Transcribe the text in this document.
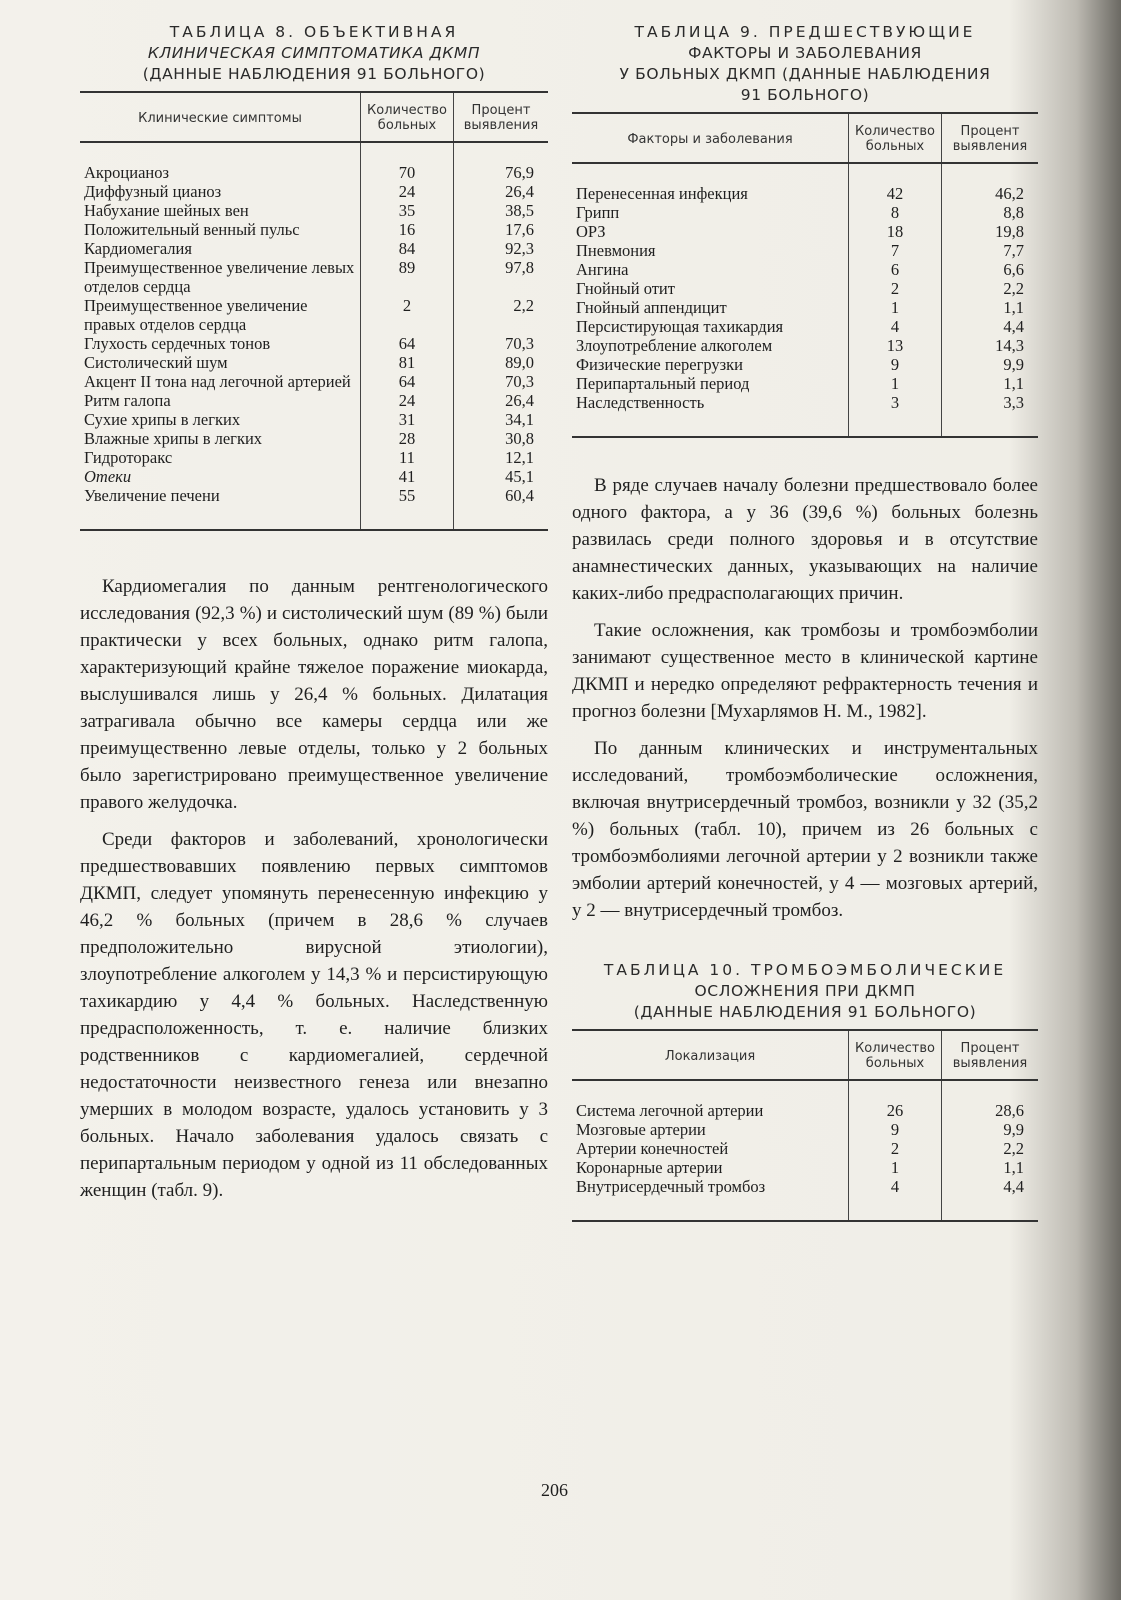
ТАБЛИЦА 8. ОБЪЕКТИВНАЯ
КЛИНИЧЕСКАЯ СИМПТОМАТИКА ДКМП
(ДАННЫЕ НАБЛЮДЕНИЯ 91 БОЛЬНОГО)
Клинические симптомы	Количество больных	Процент выявления
Акроцианоз	70	76,9
Диффузный цианоз	24	26,4
Набухание шейных вен	35	38,5
Положительный венный пульс	16	17,6
Кардиомегалия	84	92,3
Преимущественное увеличение левых отделов сердца	89	97,8
Преимущественное увеличение правых отделов сердца	2	2,2
Глухость сердечных тонов	64	70,3
Систолический шум	81	89,0
Акцент II тона над легочной артерией	64	70,3
Ритм галопа	24	26,4
Сухие хрипы в легких	31	34,1
Влажные хрипы в легких	28	30,8
Гидроторакс	11	12,1
Отеки	41	45,1
Увеличение печени	55	60,4

Кардиомегалия по данным рентгенологического исследования (92,3 %) и систолический шум (89 %) были практически у всех больных, однако ритм галопа, характеризующий крайне тяжелое поражение миокарда, выслушивался лишь у 26,4 % больных. Дилатация затрагивала обычно все камеры сердца или же преимущественно левые отделы, только у 2 больных было зарегистрировано преимущественное увеличение правого желудочка.

Среди факторов и заболеваний, хронологически предшествовавших появлению первых симптомов ДКМП, следует упомянуть перенесенную инфекцию у 46,2 % больных (причем в 28,6 % случаев предположительно вирусной этиологии), злоупотребление алкоголем у 14,3 % и персистирующую тахикардию у 4,4 % больных. Наследственную предрасположенность, т. е. наличие близких родственников с кардиомегалией, сердечной недостаточности неизвестного генеза или внезапно умерших в молодом возрасте, удалось установить у 3 больных. Начало заболевания удалось связать с перипартальным периодом у одной из 11 обследованных женщин (табл. 9).

ТАБЛИЦА 9. ПРЕДШЕСТВУЮЩИЕ
ФАКТОРЫ И ЗАБОЛЕВАНИЯ
У БОЛЬНЫХ ДКМП (ДАННЫЕ НАБЛЮДЕНИЯ
91 БОЛЬНОГО)
Факторы и заболевания	Количество больных	Процент выявления
Перенесенная инфекция	42	46,2
Грипп	8	8,8
ОРЗ	18	19,8
Пневмония	7	7,7
Ангина	6	6,6
Гнойный отит	2	2,2
Гнойный аппендицит	1	1,1
Персистирующая тахикардия	4	4,4
Злоупотребление алкоголем	13	14,3
Физические перегрузки	9	9,9
Перипартальный период	1	1,1
Наследственность	3	3,3

В ряде случаев началу болезни предшествовало более одного фактора, а у 36 (39,6 %) больных болезнь развилась среди полного здоровья и в отсутствие анамнестических данных, указывающих на наличие каких-либо предрасполагающих причин.

Такие осложнения, как тромбозы и тромбоэмболии занимают существенное место в клинической картине ДКМП и нередко определяют рефрактерность течения и прогноз болезни [Мухарлямов Н. М., 1982].

По данным клинических и инструментальных исследований, тромбоэмболические осложнения, включая внутрисердечный тромбоз, возникли у 32 (35,2 %) больных (табл. 10), причем из 26 больных с тромбоэмболиями легочной артерии у 2 возникли также эмболии артерий конечностей, у 4 — мозговых артерий, у 2 — внутрисердечный тромбоз.

ТАБЛИЦА 10. ТРОМБОЭМБОЛИЧЕСКИЕ
ОСЛОЖНЕНИЯ ПРИ ДКМП
(ДАННЫЕ НАБЛЮДЕНИЯ 91 БОЛЬНОГО)
Локализация	Количество больных	Процент выявления
Система легочной артерии	26	28,6
Мозговые артерии	9	9,9
Артерии конечностей	2	2,2
Коронарные артерии	1	1,1
Внутрисердечный тромбоз	4	4,4
206
